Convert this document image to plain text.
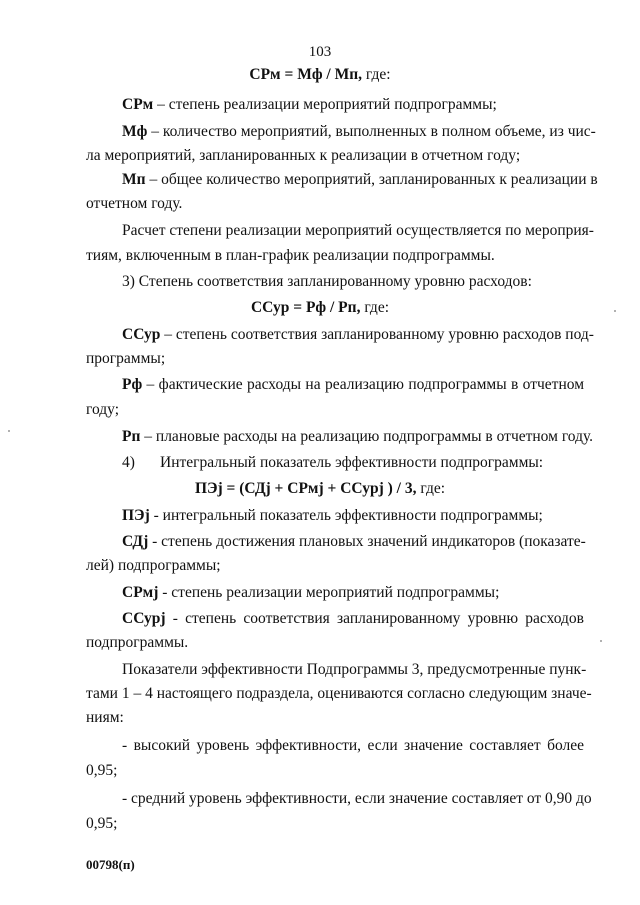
103
СРм = Мф / Мп, где:
СРм – степень реализации мероприятий подпрограммы;
Мф – количество мероприятий, выполненных в полном объеме, из чис-
ла мероприятий, запланированных к реализации в отчетном году;
Мп – общее количество мероприятий, запланированных к реализации в
отчетном году.
Расчет степени реализации мероприятий осуществляется по мероприя-
тиям, включенным в план-график реализации подпрограммы.
3) Степень соответствия запланированному уровню расходов:
ССур = Рф / Рп, где:
ССур – степень соответствия запланированному уровню расходов под-
программы;
Рф – фактические расходы на реализацию подпрограммы в отчетном
году;
Рп – плановые расходы на реализацию подпрограммы в отчетном году.
4) Интегральный показатель эффективности подпрограммы:
ПЭj = (СДj + СРмj + ССурj ) / 3, где:
ПЭj - интегральный показатель эффективности подпрограммы;
СДj - степень достижения плановых значений индикаторов (показате-
лей) подпрограммы;
СРмj - степень реализации мероприятий подпрограммы;
ССурj - степень соответствия запланированному уровню расходов
подпрограммы.
Показатели эффективности Подпрограммы 3, предусмотренные пунк-
тами 1 – 4 настоящего подраздела, оцениваются согласно следующим значе-
ниям:
- высокий уровень эффективности, если значение составляет более
0,95;
- средний уровень эффективности, если значение составляет от 0,90 до
0,95;
00798(п)
